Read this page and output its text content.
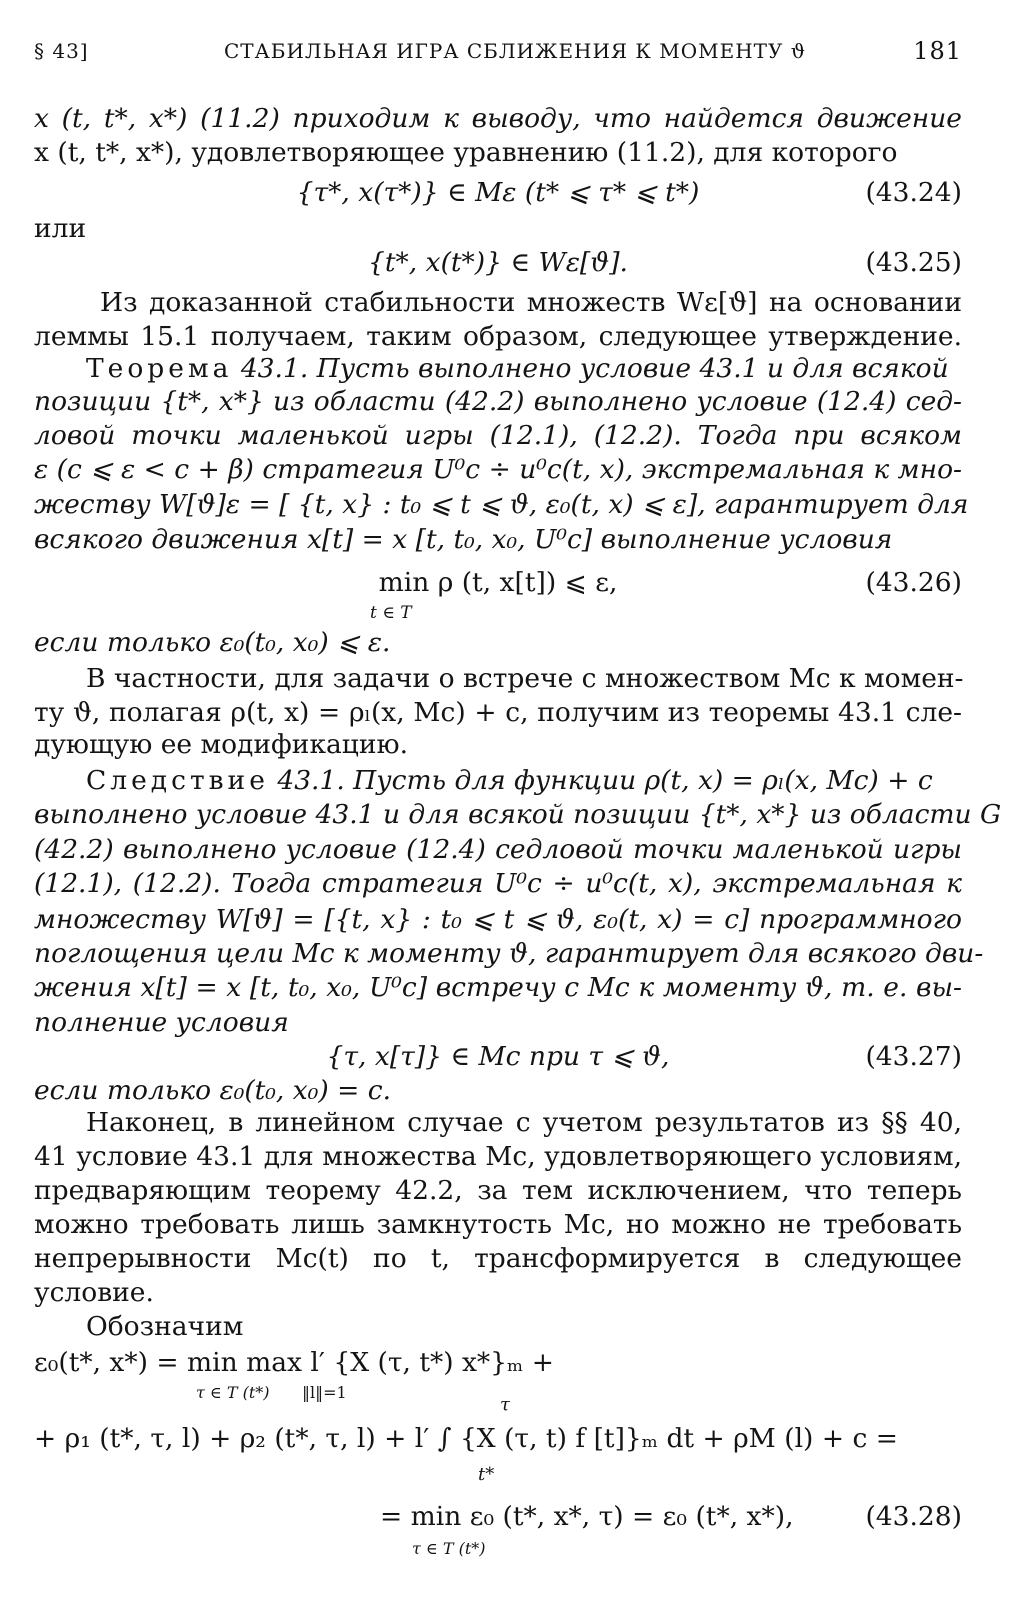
§ 43]	СТАБИЛЬНАЯ ИГРА СБЛИЖЕНИЯ К МОМЕНТУ ϑ	181
x (t, t*, x*) (11.2) приходим к выводу, что найдется движение
x (t, t*, x*), удовлетворяющее уравнению (11.2), для которого
{τ*, x(τ*)} ∈ Mε (t* ⩽ τ* ⩽ t*)	(43.24)
или
{t*, x(t*)} ∈ Wε[ϑ].	(43.25)
Из доказанной стабильности множеств Wε[ϑ] на основании
леммы 15.1 получаем, таким образом, следующее утверждение.
Теорема 43.1. Пусть выполнено условие 43.1 и для всякой
позиции {t*, x*} из области (42.2) выполнено условие (12.4) сед-
ловой точки маленькой игры (12.1), (12.2). Тогда при всяком
ε (c ⩽ ε < c + β) стратегия U⁰c ÷ u⁰c(t, x), экстремальная к мно-
жеству W[ϑ]ε = [ {t, x} : t₀ ⩽ t ⩽ ϑ, ε₀(t, x) ⩽ ε], гарантирует для
всякого движения x[t] = x [t, t₀, x₀, U⁰c] выполнение условия
min ρ (t, x[t]) ⩽ ε,	(43.26)
t ∈ T
если только ε₀(t₀, x₀) ⩽ ε.
В частности, для задачи о встрече с множеством Mc к момен-
ту ϑ, полагая ρ(t, x) = ρₗ(x, Mc) + c, получим из теоремы 43.1 сле-
дующую ее модификацию.
Следствие 43.1. Пусть для функции ρ(t, x) = ρₗ(x, Mc) + c
выполнено условие 43.1 и для всякой позиции {t*, x*} из области G
(42.2) выполнено условие (12.4) седловой точки маленькой игры
(12.1), (12.2). Тогда стратегия U⁰c ÷ u⁰c(t, x), экстремальная к
множеству W[ϑ] = [{t, x} : t₀ ⩽ t ⩽ ϑ, ε₀(t, x) = c] программного
поглощения цели Mc к моменту ϑ, гарантирует для всякого дви-
жения x[t] = x [t, t₀, x₀, U⁰c] встречу с Mc к моменту ϑ, т. е. вы-
полнение условия
{τ, x[τ]} ∈ Mc при τ ⩽ ϑ,	(43.27)
если только ε₀(t₀, x₀) = c.
Наконец, в линейном случае с учетом результатов из §§ 40,
41 условие 43.1 для множества Mc, удовлетворяющего условиям,
предваряющим теорему 42.2, за тем исключением, что теперь
можно требовать лишь замкнутость Mc, но можно не требовать
непрерывности Mc(t) по t, трансформируется в следующее
условие.
Обозначим
ε₀(t*, x*) = min max l′ {X (τ, t*) x*}ₘ +
τ ∈ T (t*)	‖l‖=1
τ
+ ρ₁ (t*, τ, l) + ρ₂ (t*, τ, l) + l′ ∫ {X (τ, t) f [t]}ₘ dt + ρM (l) + c =
t*
= min ε₀ (t*, x*, τ) = ε₀ (t*, x*),	(43.28)
τ ∈ T (t*)
